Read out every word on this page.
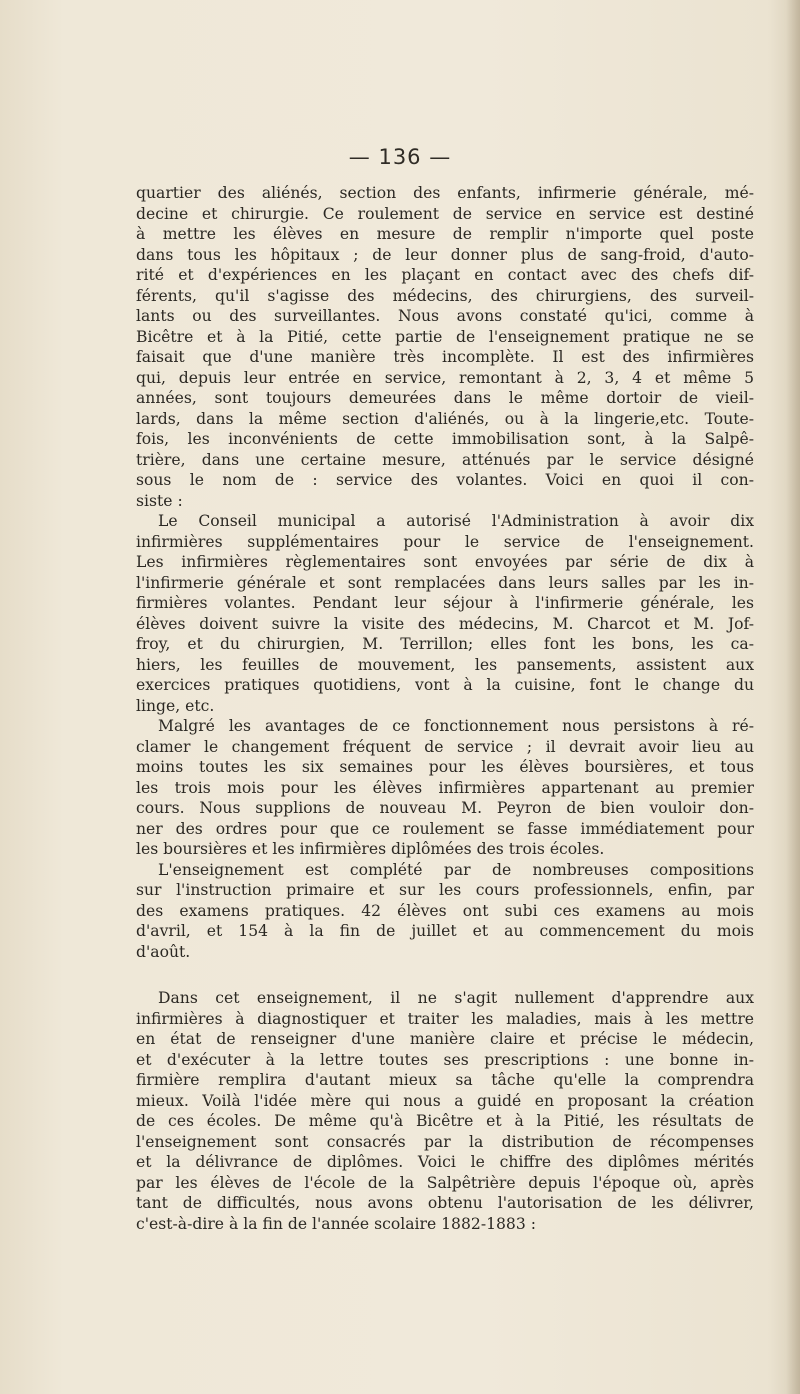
— 136 —
quartier des aliénés, section des enfants, infirmerie générale, mé-
decine et chirurgie. Ce roulement de service en service est destiné
à mettre les élèves en mesure de remplir n'importe quel poste
dans tous les hôpitaux ; de leur donner plus de sang-froid, d'auto-
rité et d'expériences en les plaçant en contact avec des chefs dif-
férents, qu'il s'agisse des médecins, des chirurgiens, des surveil-
lants ou des surveillantes. Nous avons constaté qu'ici, comme à
Bicêtre et à la Pitié, cette partie de l'enseignement pratique ne se
faisait que d'une manière très incomplète. Il est des infirmières
qui, depuis leur entrée en service, remontant à 2, 3, 4 et même 5
années, sont toujours demeurées dans le même dortoir de vieil-
lards, dans la même section d'aliénés, ou à la lingerie,etc. Toute-
fois, les inconvénients de cette immobilisation sont, à la Salpê-
trière, dans une certaine mesure, atténués par le service désigné
sous le nom de : service des volantes. Voici en quoi il con-
siste :
Le Conseil municipal a autorisé l'Administration à avoir dix
infirmières supplémentaires pour le service de l'enseignement.
Les infirmières règlementaires sont envoyées par série de dix à
l'infirmerie générale et sont remplacées dans leurs salles par les in-
firmières volantes. Pendant leur séjour à l'infirmerie générale, les
élèves doivent suivre la visite des médecins, M. Charcot et M. Jof-
froy, et du chirurgien, M. Terrillon; elles font les bons, les ca-
hiers, les feuilles de mouvement, les pansements, assistent aux
exercices pratiques quotidiens, vont à la cuisine, font le change du
linge, etc.
Malgré les avantages de ce fonctionnement nous persistons à ré-
clamer le changement fréquent de service ; il devrait avoir lieu au
moins toutes les six semaines pour les élèves boursières, et tous
les trois mois pour les élèves infirmières appartenant au premier
cours. Nous supplions de nouveau M. Peyron de bien vouloir don-
ner des ordres pour que ce roulement se fasse immédiatement pour
les boursières et les infirmières diplômées des trois écoles.
L'enseignement est complété par de nombreuses compositions
sur l'instruction primaire et sur les cours professionnels, enfin, par
des examens pratiques. 42 élèves ont subi ces examens au mois
d'avril, et 154 à la fin de juillet et au commencement du mois
d'août.
Dans cet enseignement, il ne s'agit nullement d'apprendre aux
infirmières à diagnostiquer et traiter les maladies, mais à les mettre
en état de renseigner d'une manière claire et précise le médecin,
et d'exécuter à la lettre toutes ses prescriptions : une bonne in-
firmière remplira d'autant mieux sa tâche qu'elle la comprendra
mieux. Voilà l'idée mère qui nous a guidé en proposant la création
de ces écoles. De même qu'à Bicêtre et à la Pitié, les résultats de
l'enseignement sont consacrés par la distribution de récompenses
et la délivrance de diplômes. Voici le chiffre des diplômes mérités
par les élèves de l'école de la Salpêtrière depuis l'époque où, après
tant de difficultés, nous avons obtenu l'autorisation de les délivrer,
c'est-à-dire à la fin de l'année scolaire 1882-1883 :
